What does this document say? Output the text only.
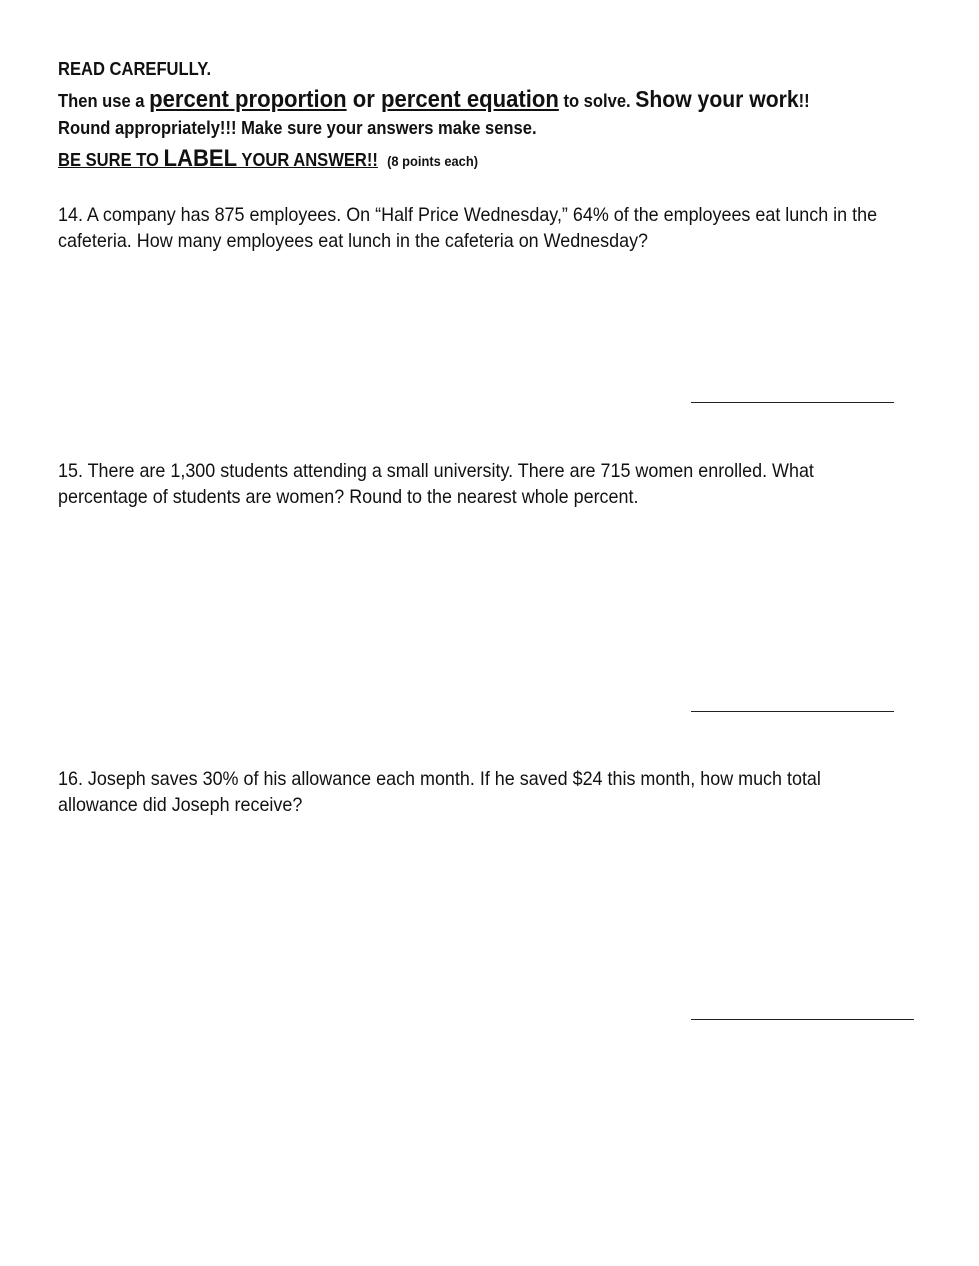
READ CAREFULLY.
Then use a percent proportion or percent equation to solve. Show your work!!
Round appropriately!!! Make sure your answers make sense.
BE SURE TO LABEL YOUR ANSWER!! (8 points each)
14. A company has 875 employees. On “Half Price Wednesday,” 64% of the employees eat lunch in the
cafeteria. How many employees eat lunch in the cafeteria on Wednesday?
15. There are 1,300 students attending a small university. There are 715 women enrolled. What
percentage of students are women? Round to the nearest whole percent.
16. Joseph saves 30% of his allowance each month. If he saved $24 this month, how much total
allowance did Joseph receive?
